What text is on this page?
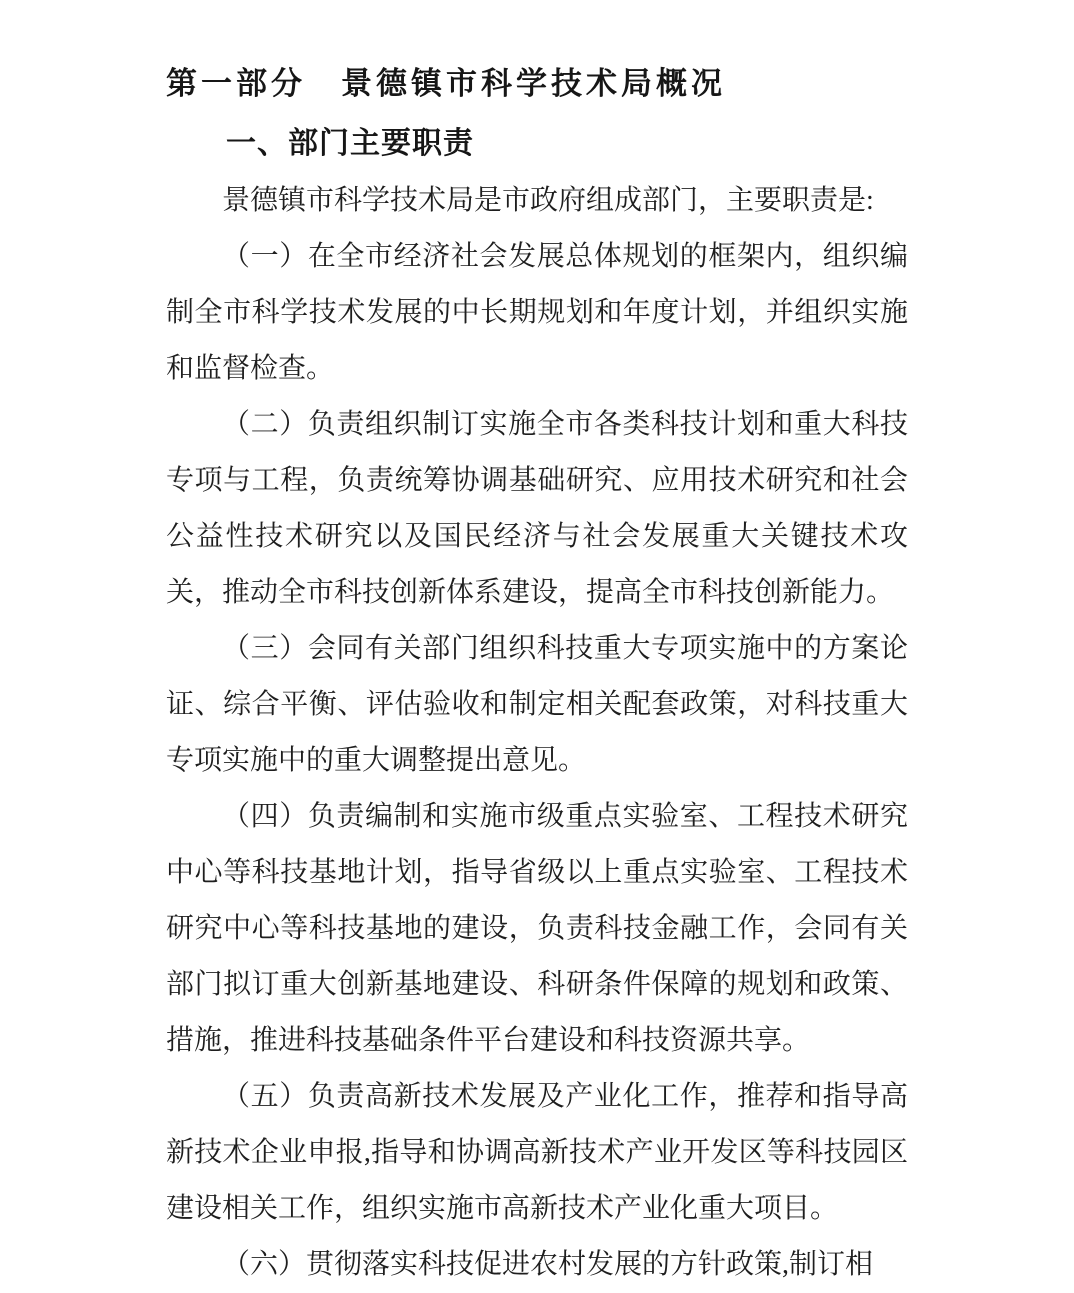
第一部分　景德镇市科学技术局概况
一、部门主要职责

景德镇市科学技术局是市政府组成部门，主要职责是:

（一）在全市经济社会发展总体规划的框架内，组织编制全市科学技术发展的中长期规划和年度计划，并组织实施和监督检查。

（二）负责组织制订实施全市各类科技计划和重大科技专项与工程，负责统筹协调基础研究、应用技术研究和社会公益性技术研究以及国民经济与社会发展重大关键技术攻关，推动全市科技创新体系建设，提高全市科技创新能力。

（三）会同有关部门组织科技重大专项实施中的方案论证、综合平衡、评估验收和制定相关配套政策，对科技重大专项实施中的重大调整提出意见。

（四）负责编制和实施市级重点实验室、工程技术研究中心等科技基地计划，指导省级以上重点实验室、工程技术研究中心等科技基地的建设，负责科技金融工作，会同有关部门拟订重大创新基地建设、科研条件保障的规划和政策、措施，推进科技基础条件平台建设和科技资源共享。

（五）负责高新技术发展及产业化工作，推荐和指导高新技术企业申报,指导和协调高新技术产业开发区等科技园区建设相关工作，组织实施市高新技术产业化重大项目。

（六）贯彻落实科技促进农村发展的方针政策,制订相
